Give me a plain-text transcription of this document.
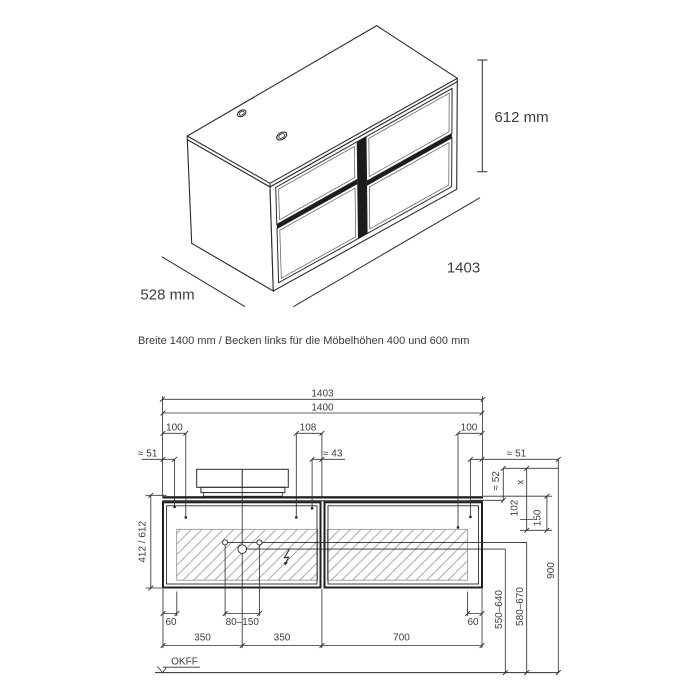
612 mm
1403
528 mm
Breite 1400 mm / Becken links für die Möbelhöhen 400 und 600 mm
1403
1400
100	108	100
≈ 51	≈ 43	≈ 51
412 / 612
≈ 52 x
102
150
900
550–640 580–670
60	80–150	60
350	350	700
OKFF
